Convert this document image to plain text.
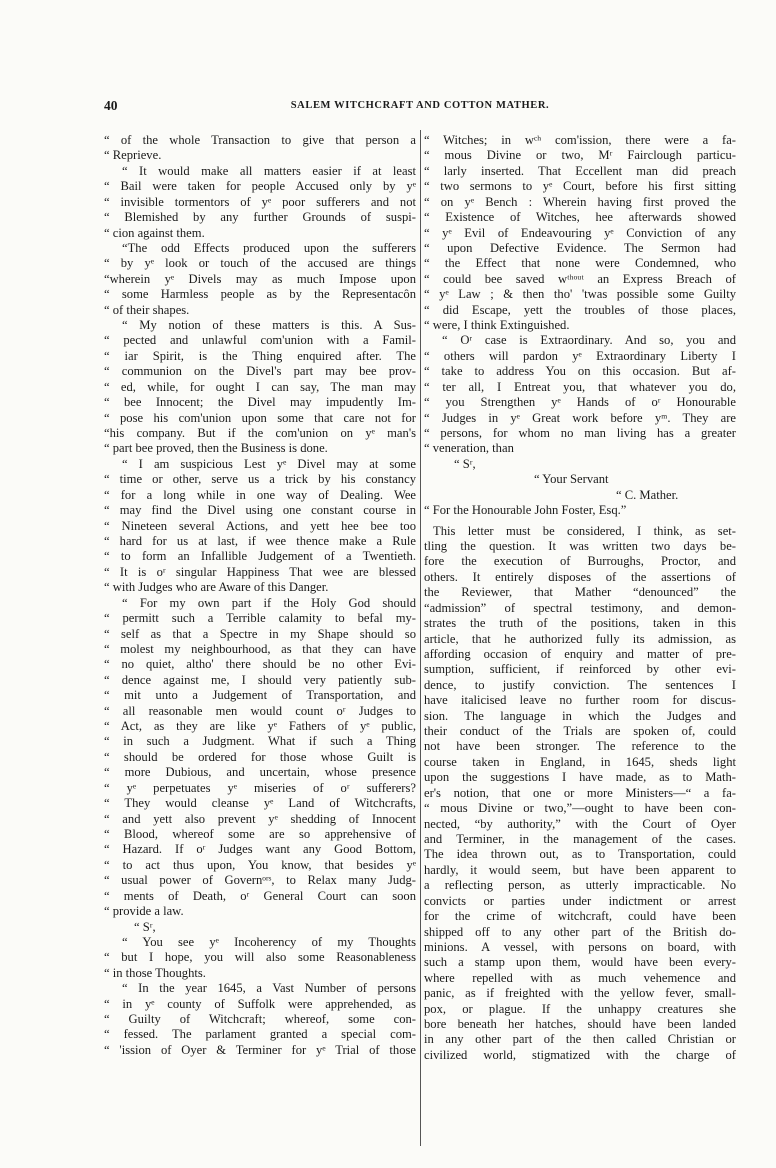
40	SALEM WITCHCRAFT AND COTTON MATHER.
“ of the whole Transaction to give that person a
“ Reprieve.
“ It would make all matters easier if at least
“ Bail were taken for people Accused only by yᵉ
“ invisible tormentors of yᵉ poor sufferers and not
“ Blemished by any further Grounds of suspi-
“ cion against them.
“The odd Effects produced upon the sufferers
“ by yᵉ look or touch of the accused are things
“wherein yᵉ Divels may as much Impose upon
“ some Harmless people as by the Representacôn
“ of their shapes.
“ My notion of these matters is this. A Sus-
“ pected and unlawful com'union with a Famil-
“ iar Spirit, is the Thing enquired after. The
“ communion on the Divel's part may bee prov-
“ ed, while, for ought I can say, The man may
“ bee Innocent; the Divel may impudently Im-
“ pose his com'union upon some that care not for
“his company. But if the com'union on yᵉ man's
“ part bee proved, then the Business is done.
“ I am suspicious Lest yᵉ Divel may at some
“ time or other, serve us a trick by his constancy
“ for a long while in one way of Dealing. Wee
“ may find the Divel using one constant course in
“ Nineteen several Actions, and yett hee bee too
“ hard for us at last, if wee thence make a Rule
“ to form an Infallible Judgement of a Twentieth.
“ It is oʳ singular Happiness That wee are blessed
“ with Judges who are Aware of this Danger.
“ For my own part if the Holy God should
“ permitt such a Terrible calamity to befal my-
“ self as that a Spectre in my Shape should so
“ molest my neighbourhood, as that they can have
“ no quiet, altho' there should be no other Evi-
“ dence against me, I should very patiently sub-
“ mit unto a Judgement of Transportation, and
“ all reasonable men would count oʳ Judges to
“ Act, as they are like yᵉ Fathers of yᵉ public,
“ in such a Judgment. What if such a Thing
“ should be ordered for those whose Guilt is
“ more Dubious, and uncertain, whose presence
“ yᵉ perpetuates yᵉ miseries of oʳ sufferers?
“ They would cleanse yᵉ Land of Witchcrafts,
“ and yett also prevent yᵉ shedding of Innocent
“ Blood, whereof some are so apprehensive of
“ Hazard. If oʳ Judges want any Good Bottom,
“ to act thus upon, You know, that besides yᵉ
“ usual power of Governᵒʳˢ, to Relax many Judg-
“ ments of Death, oʳ General Court can soon
“ provide a law.
“ Sʳ,
“ You see yᵉ Incoherency of my Thoughts
“ but I hope, you will also some Reasonableness
“ in those Thoughts.
“ In the year 1645, a Vast Number of persons
“ in yᵉ county of Suffolk were apprehended, as
“ Guilty of Witchcraft; whereof, some con-
“ fessed. The parlament granted a special com-
“ 'ission of Oyer & Terminer for yᵉ Trial of those
“ Witches; in wᶜʰ com'ission, there were a fa-
“ mous Divine or two, Mʳ Fairclough particu-
“ larly inserted. That Eccellent man did preach
“ two sermons to yᵉ Court, before his first sitting
“ on yᵉ Bench : Wherein having first proved the
“ Existence of Witches, hee afterwards showed
“ yᵉ Evil of Endeavouring yᵉ Conviction of any
“ upon Defective Evidence. The Sermon had
“ the Effect that none were Condemned, who
“ could bee saved wᵗʰᵒᵘᵗ an Express Breach of
“ yᵉ Law ; & then tho' 'twas possible some Guilty
“ did Escape, yett the troubles of those places,
“ were, I think Extinguished.
“ Oʳ case is Extraordinary. And so, you and
“ others will pardon yᵉ Extraordinary Liberty I
“ take to address You on this occasion. But af-
“ ter all, I Entreat you, that whatever you do,
“ you Strengthen yᵉ Hands of oʳ Honourable
“ Judges in yᵉ Great work before yᵐ. They are
“ persons, for whom no man living has a greater
“ veneration, than
“ Sʳ,
“ Your Servant
“ C. Mather.
“ For the Honourable John Foster, Esq.”
This letter must be considered, I think, as set-
tling the question. It was written two days be-
fore the execution of Burroughs, Proctor, and
others. It entirely disposes of the assertions of
the Reviewer, that Mather “denounced” the
“admission” of spectral testimony, and demon-
strates the truth of the positions, taken in this
article, that he authorized fully its admission, as
affording occasion of enquiry and matter of pre-
sumption, sufficient, if reinforced by other evi-
dence, to justify conviction. The sentences I
have italicised leave no further room for discus-
sion. The language in which the Judges and
their conduct of the Trials are spoken of, could
not have been stronger. The reference to the
course taken in England, in 1645, sheds light
upon the suggestions I have made, as to Math-
er's notion, that one or more Ministers—“ a fa-
“ mous Divine or two,”—ought to have been con-
nected, “by authority,” with the Court of Oyer
and Terminer, in the management of the cases.
The idea thrown out, as to Transportation, could
hardly, it would seem, but have been apparent to
a reflecting person, as utterly impracticable. No
convicts or parties under indictment or arrest
for the crime of witchcraft, could have been
shipped off to any other part of the British do-
minions. A vessel, with persons on board, with
such a stamp upon them, would have been every-
where repelled with as much vehemence and
panic, as if freighted with the yellow fever, small-
pox, or plague. If the unhappy creatures she
bore beneath her hatches, should have been landed
in any other part of the then called Christian or
civilized world, stigmatized with the charge of
